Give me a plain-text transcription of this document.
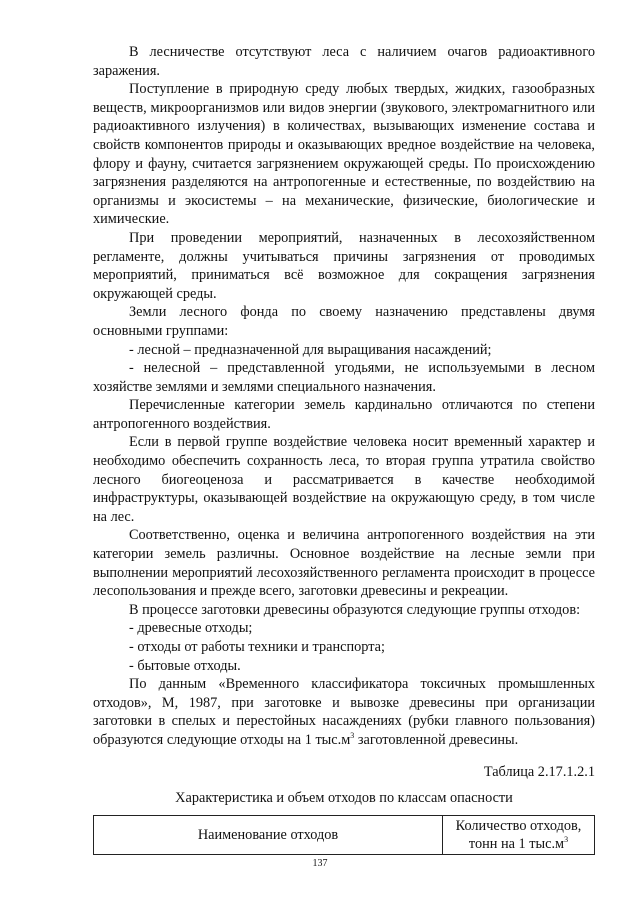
В лесничестве отсутствуют леса с наличием очагов радиоактивного заражения.

Поступление в природную среду любых твердых, жидких, газообразных веществ, микроорганизмов или видов энергии (звукового, электромагнитного или радиоактивного излучения) в количествах, вызывающих изменение состава и свойств компонентов природы и оказывающих вредное воздействие на человека, флору и фауну, считается загрязнением окружающей среды. По происхождению загрязнения разделяются на антропогенные и естественные, по воздействию на организмы и экосистемы – на механические, физические, биологические и химические.

При проведении мероприятий, назначенных в лесохозяйственном регламенте, должны учитываться причины загрязнения от проводимых мероприятий, приниматься всё возможное для сокращения загрязнения окружающей среды.

Земли лесного фонда по своему назначению представлены двумя основными группами:

- лесной – предназначенной для выращивания насаждений;

- нелесной – представленной угодьями, не используемыми в лесном хозяйстве землями и землями специального назначения.

Перечисленные категории земель кардинально отличаются по степени антропогенного воздействия.

Если в первой группе воздействие человека носит временный характер и необходимо обеспечить сохранность леса, то вторая группа утратила свойство лесного биогеоценоза и рассматривается в качестве необходимой инфраструктуры, оказывающей воздействие на окружающую среду, в том числе на лес.

Соответственно, оценка и величина антропогенного воздействия на эти категории земель различны. Основное воздействие на лесные земли при выполнении мероприятий лесохозяйственного регламента происходит в процессе лесопользования и прежде всего, заготовки древесины и рекреации.

В процессе заготовки древесины образуются следующие группы отходов:

- древесные отходы;

- отходы от работы техники и транспорта;

- бытовые отходы.

По данным «Временного классификатора токсичных промышленных отходов», М, 1987, при заготовке и вывозке древесины при организации заготовки в спелых и перестойных насаждениях (рубки главного пользования) образуются следующие отходы на 1 $тыс.м^3$ заготовленной древесины.

Таблица 2.17.1.2.1
Характеристика и объем отходов по классам опасности
Наименование отходов	Количество отходов,
тонн на 1 $тыс.м^3$
137
